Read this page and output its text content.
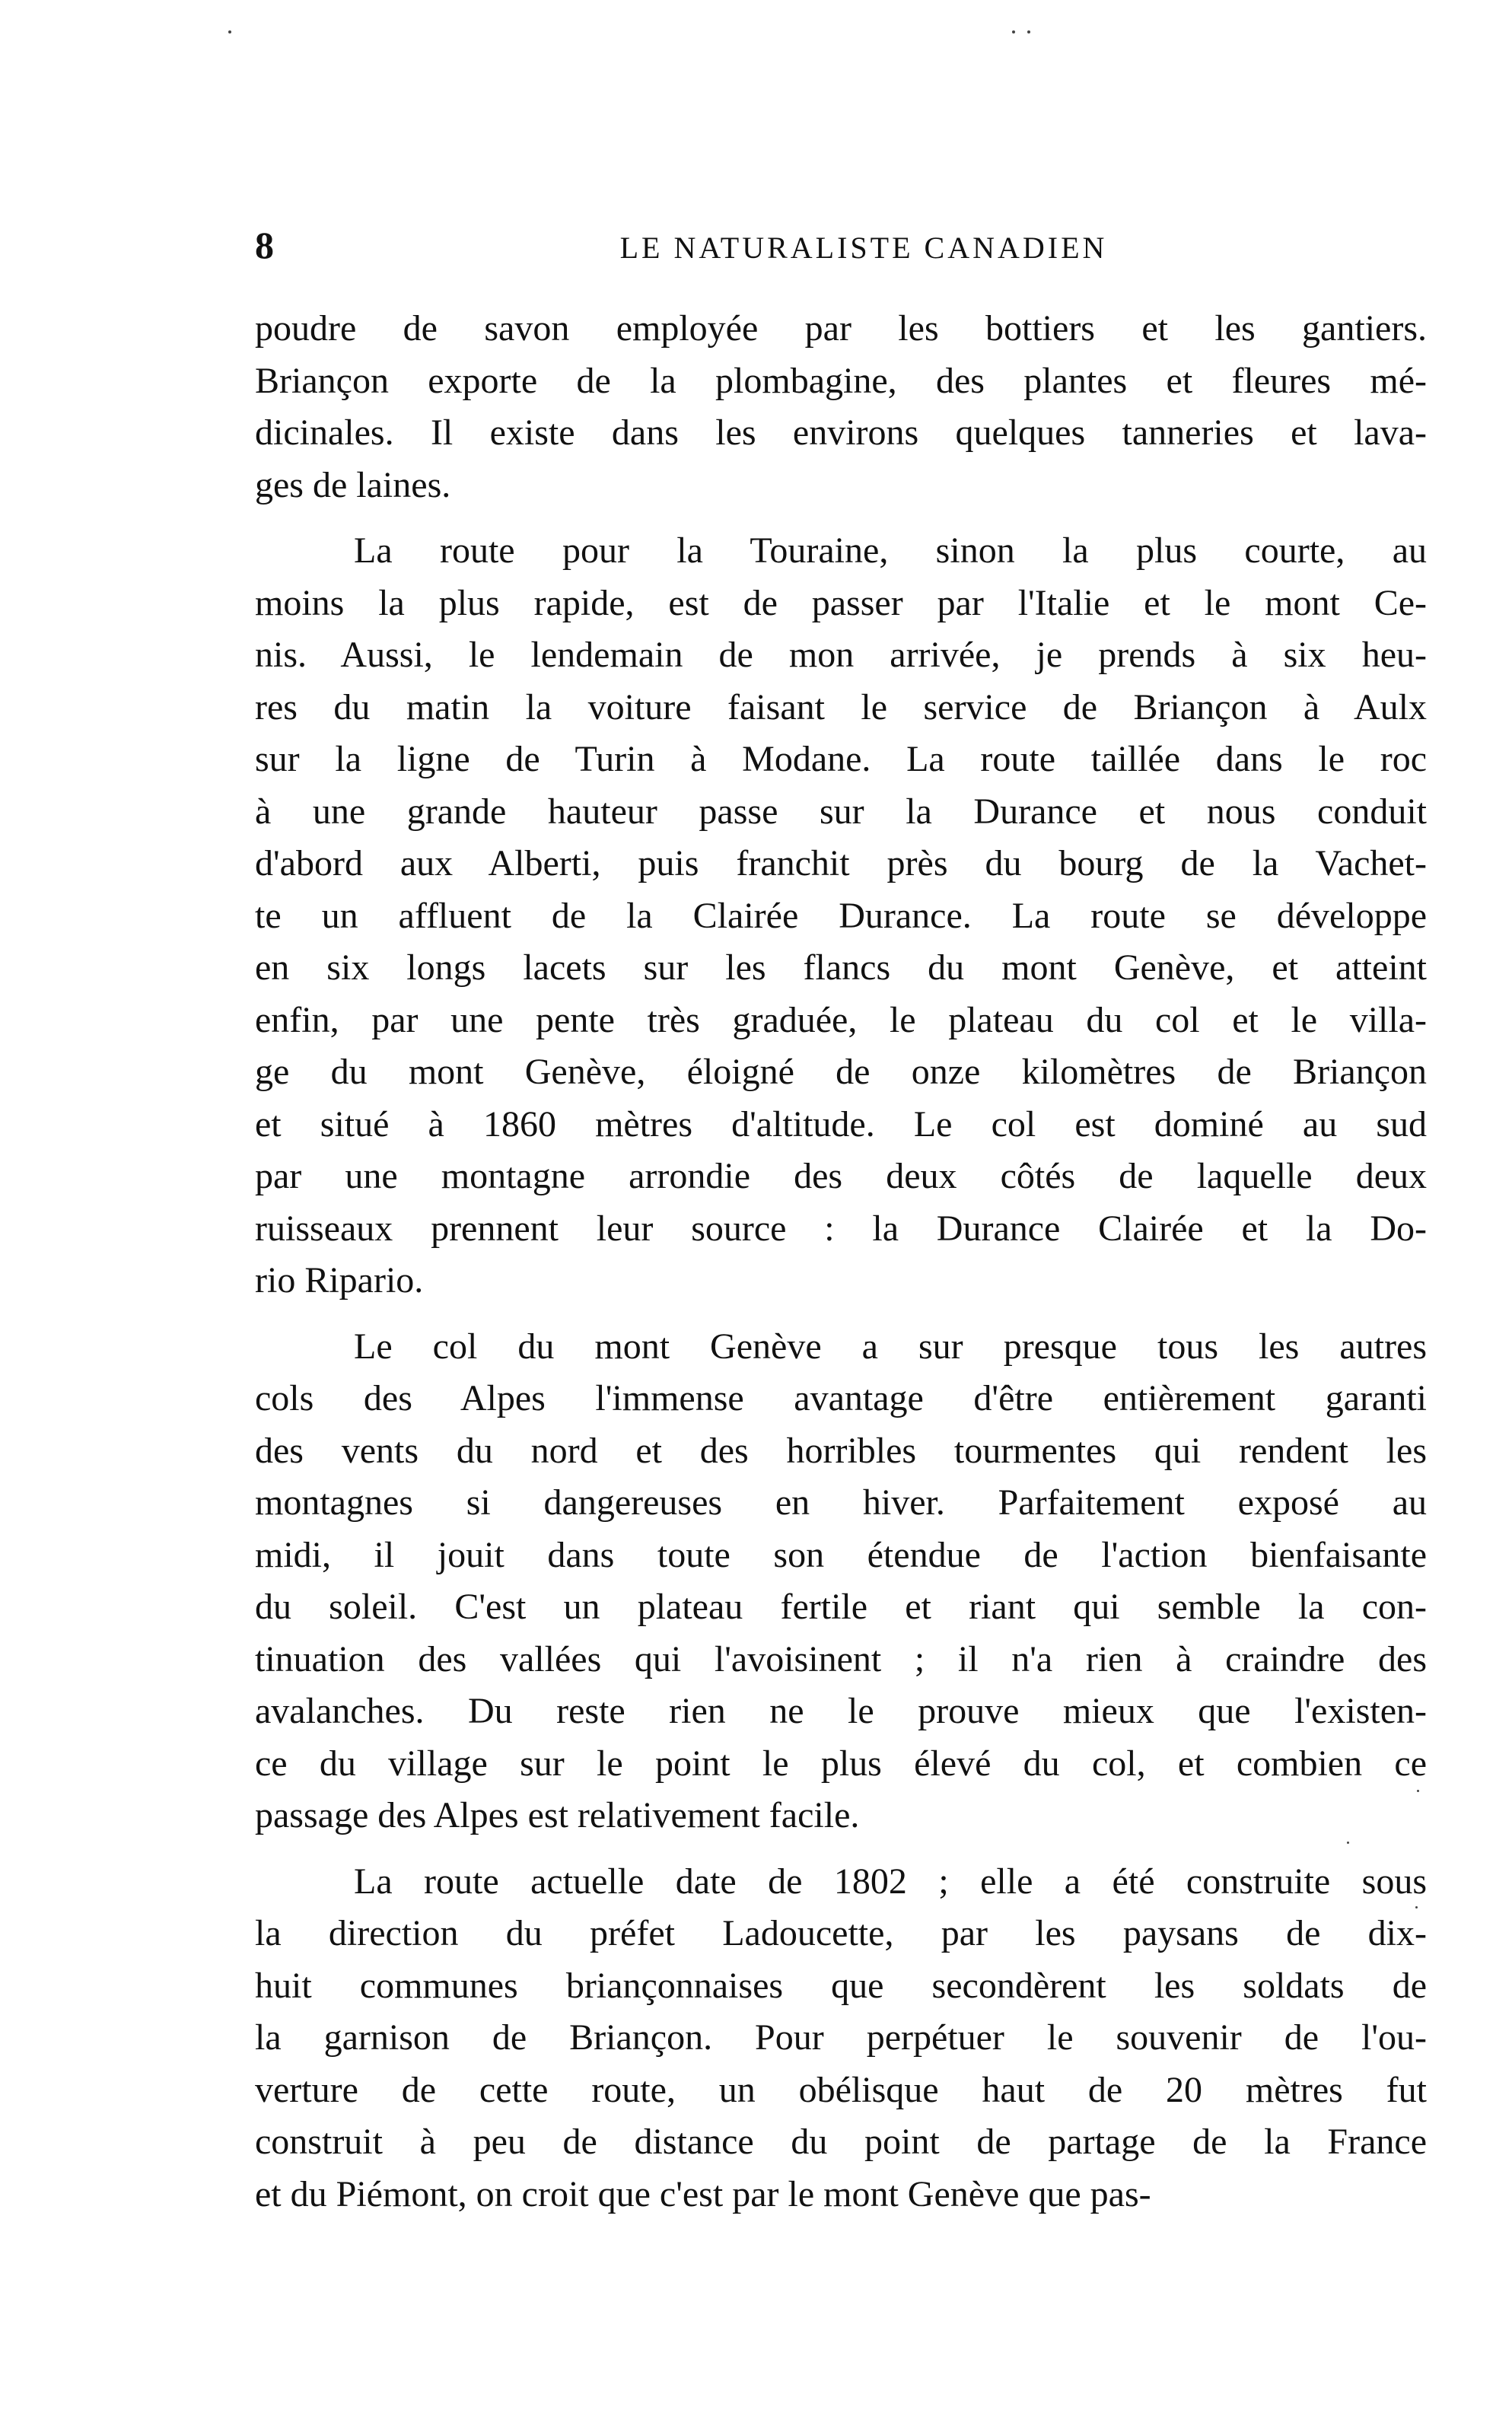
8	LE NATURALISTE CANADIEN
poudre de savon employée par les bottiers et les gantiers.
Briançon exporte de la plombagine, des plantes et fleures mé-
dicinales. Il existe dans les environs quelques tanneries et lava-
ges de laines.
La route pour la Touraine, sinon la plus courte, au
moins la plus rapide, est de passer par l'Italie et le mont Ce-
nis. Aussi, le lendemain de mon arrivée, je prends à six heu-
res du matin la voiture faisant le service de Briançon à Aulx
sur la ligne de Turin à Modane. La route taillée dans le roc
à une grande hauteur passe sur la Durance et nous conduit
d'abord aux Alberti, puis franchit près du bourg de la Vachet-
te un affluent de la Clairée Durance. La route se développe
en six longs lacets sur les flancs du mont Genève, et atteint
enfin, par une pente très graduée, le plateau du col et le villa-
ge du mont Genève, éloigné de onze kilomètres de Briançon
et situé à 1860 mètres d'altitude. Le col est dominé au sud
par une montagne arrondie des deux côtés de laquelle deux
ruisseaux prennent leur source : la Durance Clairée et la Do-
rio Ripario.
Le col du mont Genève a sur presque tous les autres
cols des Alpes l'immense avantage d'être entièrement garanti
des vents du nord et des horribles tourmentes qui rendent les
montagnes si dangereuses en hiver. Parfaitement exposé au
midi, il jouit dans toute son étendue de l'action bienfaisante
du soleil. C'est un plateau fertile et riant qui semble la con-
tinuation des vallées qui l'avoisinent ; il n'a rien à craindre des
avalanches. Du reste rien ne le prouve mieux que l'existen-
ce du village sur le point le plus élevé du col, et combien ce
passage des Alpes est relativement facile.
La route actuelle date de 1802 ; elle a été construite sous
la direction du préfet Ladoucette, par les paysans de dix-
huit communes briançonnaises que secondèrent les soldats de
la garnison de Briançon. Pour perpétuer le souvenir de l'ou-
verture de cette route, un obélisque haut de 20 mètres fut
construit à peu de distance du point de partage de la France
et du Piémont, on croit que c'est par le mont Genève que pas-
